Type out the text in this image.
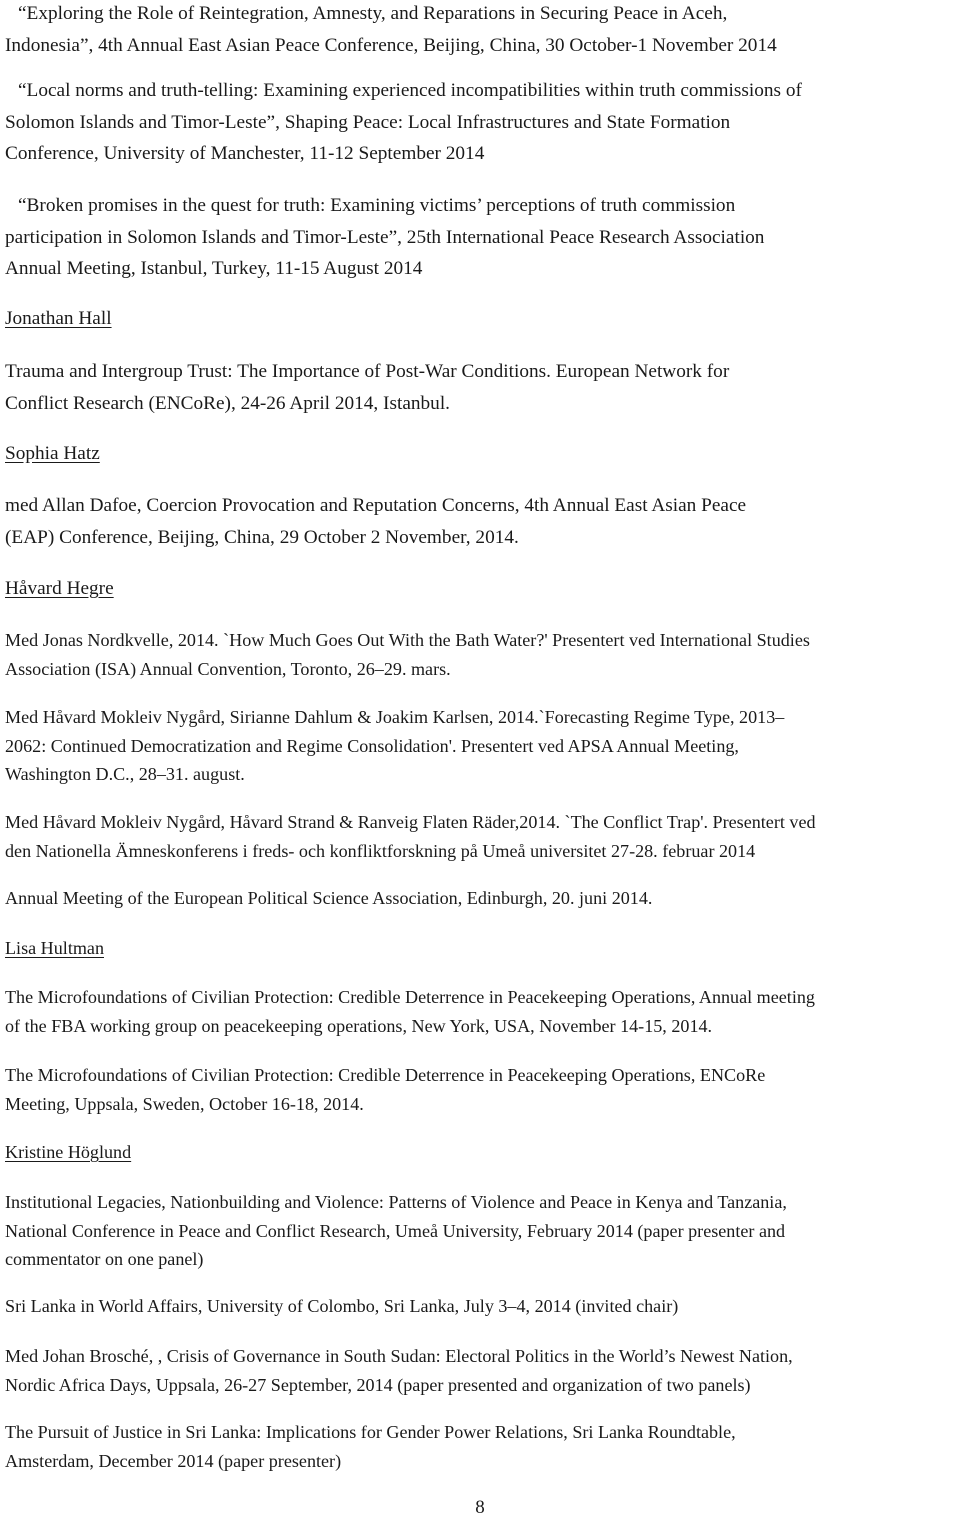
“Exploring the Role of Reintegration, Amnesty, and Reparations in Securing Peace in Aceh,
Indonesia”, 4th Annual East Asian Peace Conference, Beijing, China, 30 October-1 November 2014
“Local norms and truth-telling: Examining experienced incompatibilities within truth commissions of
Solomon Islands and Timor-Leste”, Shaping Peace: Local Infrastructures and State Formation
Conference, University of Manchester, 11-12 September 2014
“Broken promises in the quest for truth: Examining victims’ perceptions of truth commission
participation in Solomon Islands and Timor-Leste”, 25th International Peace Research Association
Annual Meeting, Istanbul, Turkey, 11-15 August 2014
Jonathan Hall
Trauma and Intergroup Trust: The Importance of Post-War Conditions. European Network for
Conflict Research (ENCoRe), 24-26 April 2014, Istanbul.
Sophia Hatz
med Allan Dafoe, Coercion Provocation and Reputation Concerns, 4th Annual East Asian Peace
(EAP) Conference, Beijing, China, 29 October 2 November, 2014.
Håvard Hegre
Med Jonas Nordkvelle, 2014. `How Much Goes Out With the Bath Water?' Presentert ved International Studies
Association (ISA) Annual Convention, Toronto, 26–29. mars.
Med Håvard Mokleiv Nygård, Sirianne Dahlum & Joakim Karlsen, 2014.`Forecasting Regime Type, 2013–
2062: Continued Democratization and Regime Consolidation'. Presentert ved APSA Annual Meeting,
Washington D.C., 28–31. august.
Med Håvard Mokleiv Nygård, Håvard Strand & Ranveig Flaten Räder,2014. `The Conflict Trap'. Presentert ved
den Nationella Ämneskonferens i freds- och konfliktforskning på Umeå universitet 27-28. februar 2014
Annual Meeting of the European Political Science Association, Edinburgh, 20. juni 2014.
Lisa Hultman
The Microfoundations of Civilian Protection: Credible Deterrence in Peacekeeping Operations, Annual meeting
of the FBA working group on peacekeeping operations, New York, USA, November 14-15, 2014.
The Microfoundations of Civilian Protection: Credible Deterrence in Peacekeeping Operations, ENCoRe
Meeting, Uppsala, Sweden, October 16-18, 2014.
Kristine Höglund
Institutional Legacies, Nationbuilding and Violence: Patterns of Violence and Peace in Kenya and Tanzania,
National Conference in Peace and Conflict Research, Umeå University, February 2014 (paper presenter and
commentator on one panel)
Sri Lanka in World Affairs, University of Colombo, Sri Lanka, July 3–4, 2014 (invited chair)
Med Johan Brosché, , Crisis of Governance in South Sudan: Electoral Politics in the World’s Newest Nation,
Nordic Africa Days, Uppsala, 26-27 September, 2014 (paper presented and organization of two panels)
The Pursuit of Justice in Sri Lanka: Implications for Gender Power Relations, Sri Lanka Roundtable,
Amsterdam, December 2014 (paper presenter)
8
